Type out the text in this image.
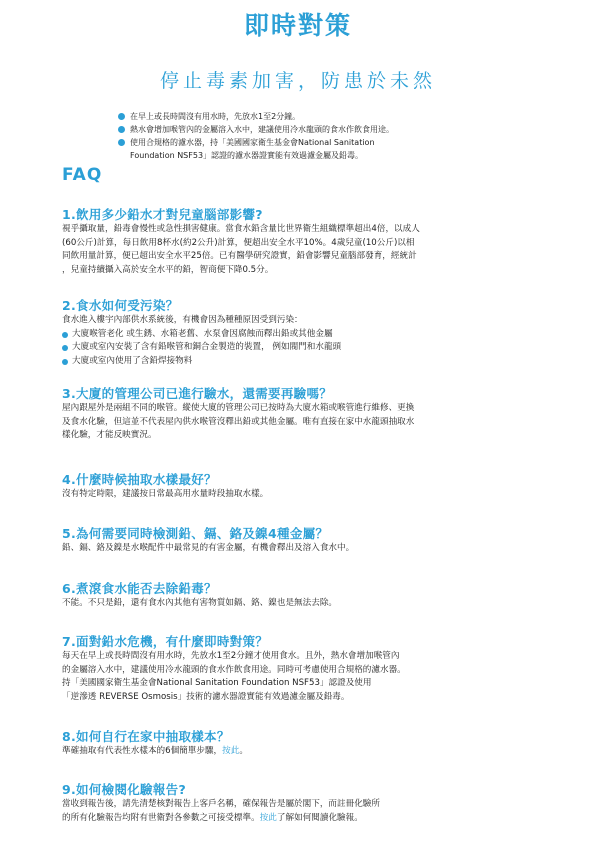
即時對策
停止毒素加害，防患於未然
在早上或長時間沒有用水時，先放水1至2分鐘。
熱水會增加喉管內的金屬溶入水中，建議使用冷水龍頭的食水作飲食用途。
使用合規格的濾水器，持「美國國家衛生基金會National Sanitation
Foundation NSF53」認證的濾水器證實能有效過濾金屬及鉛毒。
FAQ
1.飲用多少鉛水才對兒童腦部影響?

視乎攝取量，鉛毒會慢性或急性損害健康。當食水鉛含量比世界衛生組織標準超出4倍，以成人

(60公斤)計算，每日飲用8杯水(約2公升)計算，便超出安全水平10%。4歲兒童(10公斤)以相

同飲用量計算，便已超出安全水平25倍。已有醫學研究證實，鉛會影響兒童腦部發育，經統計

，兒童持續攝入高於安全水平的鉛，智商便下降0.5分。

2.食水如何受污染？

食水進入樓宇內部供水系統後，有機會因為種種原因受到污染：

大廈喉管老化 或生銹、水箱老舊、水泵會因腐蝕而釋出鉛或其他金屬
大廈或室內安裝了含有鉛喉管和銅合金製造的裝置， 例如閥門和水龍頭
大廈或室內使用了含鉛焊接物料
3.大廈的管理公司已進行驗水，還需要再驗嗎？

屋內跟屋外是兩組不同的喉管。縱使大廈的管理公司已按時為大廈水箱或喉管進行維修、更換

及食水化驗，但這並不代表屋內供水喉管沒釋出鉛或其他金屬。唯有直接在家中水龍頭抽取水

樣化驗，才能反映實況。

4.什麼時候抽取水樣最好？

沒有特定時限，建議按日常最高用水量時段抽取水樣。

5.為何需要同時檢測鉛、鎘、鉻及鎳4種金屬？

鉛、鎘、鉻及鎳是水喉配件中最常見的有害金屬，有機會釋出及溶入食水中。

6.煮滾食水能否去除鉛毒？

不能。不只是鉛，還有食水內其他有害物質如鎘、鉻、鎳也是無法去除。

7.面對鉛水危機，有什麼即時對策？

每天在早上或長時間沒有用水時，先放水1至2分鐘才使用食水。且外，熱水會增加喉管內

的金屬溶入水中，建議使用冷水龍頭的食水作飲食用途。同時可考慮使用合規格的濾水器。

持「美國國家衛生基金會National Sanitation Foundation NSF53」認證及使用

「逆滲透 REVERSE Osmosis」技術的濾水器證實能有效過濾金屬及鉛毒。

8.如何自行在家中抽取樣本？

準確抽取有代表性水樣本的6個簡單步驟，按此。

9.如何檢閱化驗報告?

當收到報告後，請先清楚核對報告上客戶名稱，確保報告是屬於閣下，而註冊化驗所

的所有化驗報告均附有世衛對各參數之可接受標準。按此了解如何閱讀化驗報。
